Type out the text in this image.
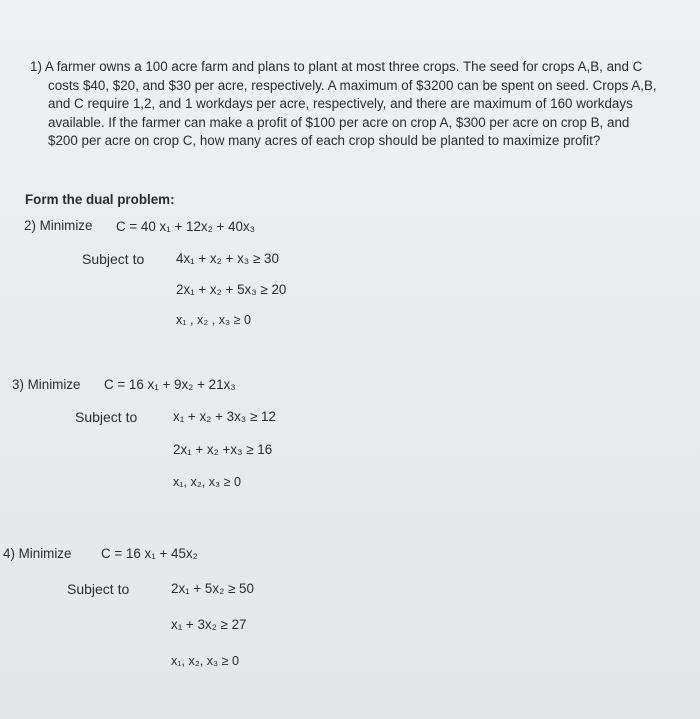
1) A farmer owns a 100 acre farm and plans to plant at most three crops. The seed for crops A,B, and C
costs $40, $20, and $30 per acre, respectively. A maximum of $3200 can be spent on seed. Crops A,B,
and C require 1,2, and 1 workdays per acre, respectively, and there are maximum of 160 workdays
available. If the farmer can make a profit of $100 per acre on crop A, $300 per acre on crop B, and
$200 per acre on crop C, how many acres of each crop should be planted to maximize profit?
Form the dual problem:
2) Minimize C = 40 x₁ + 12x₂ + 40x₃
Subject to 4x₁ + x₂ + x₃ ≥ 30
2x₁ + x₂ + 5x₃ ≥ 20
x₁ , x₂ , x₃ ≥ 0
3) Minimize C = 16 x₁ + 9x₂ + 21x₃
Subject to	x₁ + x₂ + 3x₃ ≥ 12
2x₁ + x₂ +x₃ ≥ 16
x₁, x₂, x₃ ≥ 0
4) Minimize C = 16 x₁ + 45x₂
Subject to	2x₁ + 5x₂ ≥ 50
x₁ + 3x₂ ≥ 27
x₁, x₂, x₃ ≥ 0
